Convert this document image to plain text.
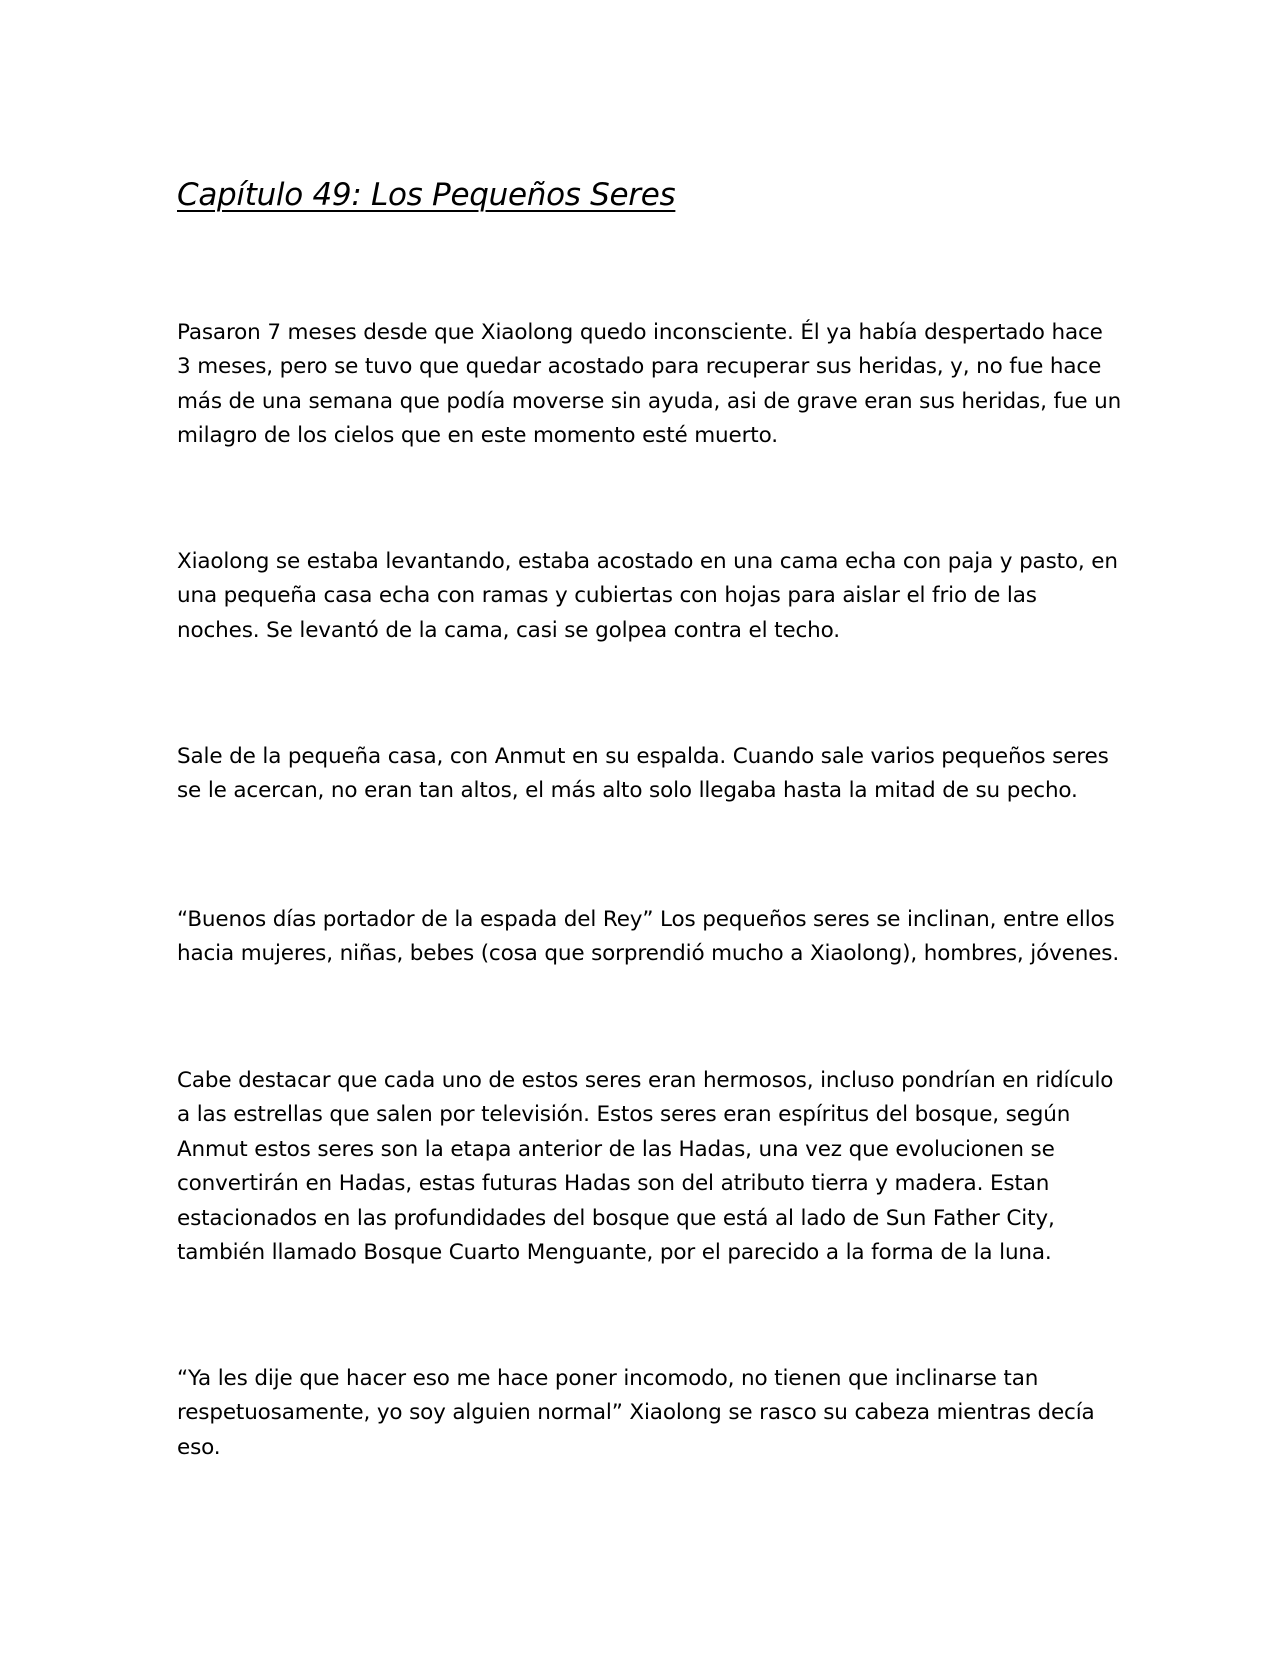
Capítulo 49: Los Pequeños Seres

Pasaron 7 meses desde que Xiaolong quedo inconsciente. Él ya había despertado hace
3 meses, pero se tuvo que quedar acostado para recuperar sus heridas, y, no fue hace
más de una semana que podía moverse sin ayuda, asi de grave eran sus heridas, fue un
milagro de los cielos que en este momento esté muerto.

Xiaolong se estaba levantando, estaba acostado en una cama echa con paja y pasto, en
una pequeña casa echa con ramas y cubiertas con hojas para aislar el frio de las
noches. Se levantó de la cama, casi se golpea contra el techo.

Sale de la pequeña casa, con Anmut en su espalda. Cuando sale varios pequeños seres
se le acercan, no eran tan altos, el más alto solo llegaba hasta la mitad de su pecho.

“Buenos días portador de la espada del Rey” Los pequeños seres se inclinan, entre ellos
hacia mujeres, niñas, bebes (cosa que sorprendió mucho a Xiaolong), hombres, jóvenes.

Cabe destacar que cada uno de estos seres eran hermosos, incluso pondrían en ridículo
a las estrellas que salen por televisión. Estos seres eran espíritus del bosque, según
Anmut estos seres son la etapa anterior de las Hadas, una vez que evolucionen se
convertirán en Hadas, estas futuras Hadas son del atributo tierra y madera. Estan
estacionados en las profundidades del bosque que está al lado de Sun Father City,
también llamado Bosque Cuarto Menguante, por el parecido a la forma de la luna.

“Ya les dije que hacer eso me hace poner incomodo, no tienen que inclinarse tan
respetuosamente, yo soy alguien normal” Xiaolong se rasco su cabeza mientras decía
eso.
